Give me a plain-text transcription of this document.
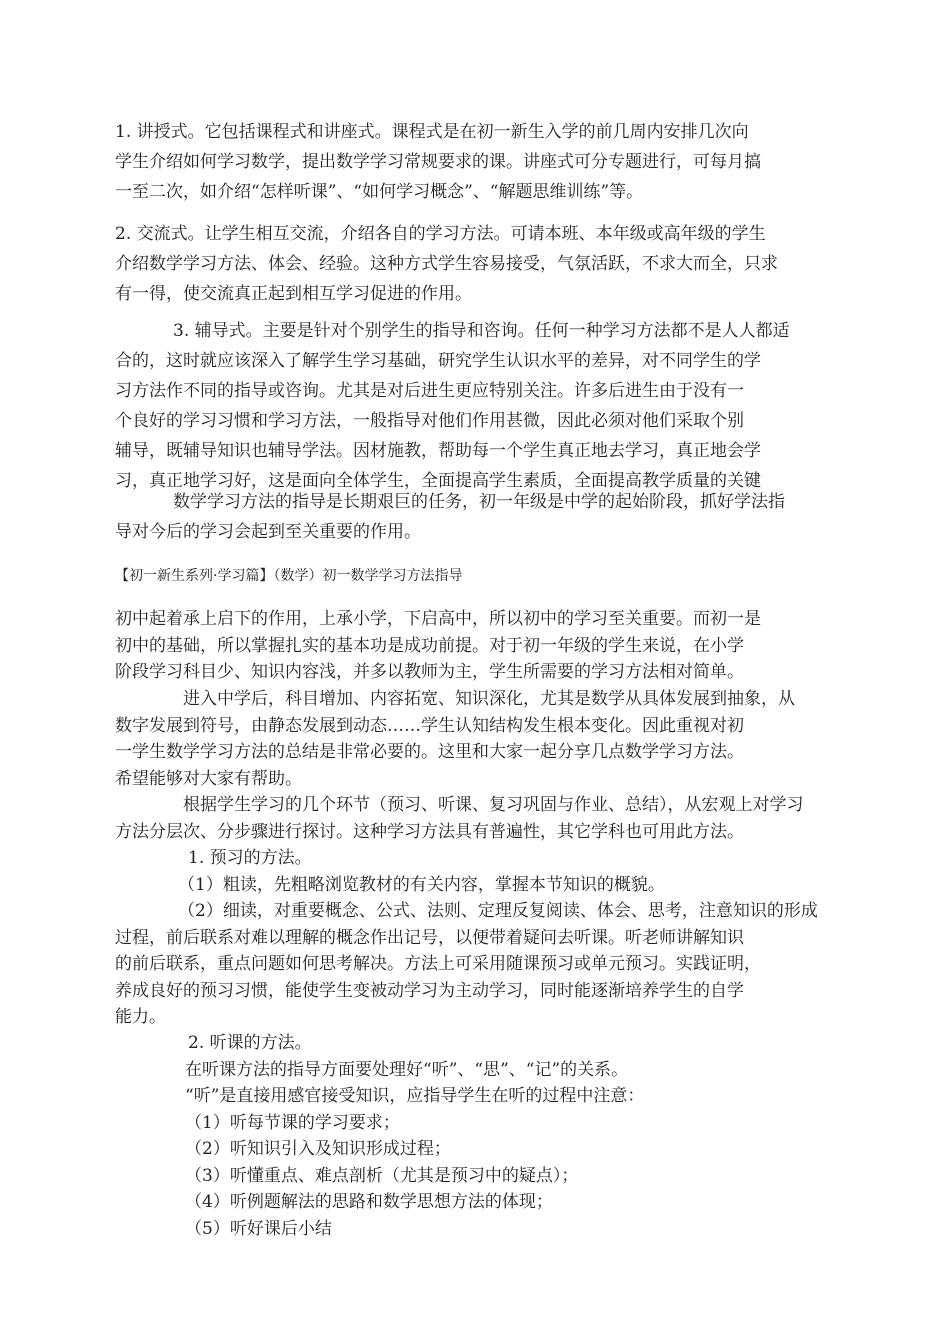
1. 讲授式。它包括课程式和讲座式。课程式是在初一新生入学的前几周内安排几次向
学生介绍如何学习数学，提出数学学习常规要求的课。讲座式可分专题进行，可每月搞
一至二次，如介绍“怎样听课”、“如何学习概念”、“解题思维训练”等。
2. 交流式。让学生相互交流，介绍各自的学习方法。可请本班、本年级或高年级的学生
介绍数学学习方法、体会、经验。这种方式学生容易接受，气氛活跃，不求大而全，只求
有一得，使交流真正起到相互学习促进的作用。
3. 辅导式。主要是针对个别学生的指导和咨询。任何一种学习方法都不是人人都适
合的，这时就应该深入了解学生学习基础，研究学生认识水平的差异，对不同学生的学
习方法作不同的指导或咨询。尤其是对后进生更应特别关注。许多后进生由于没有一
个良好的学习习惯和学习方法，一般指导对他们作用甚微，因此必须对他们采取个别
辅导，既辅导知识也辅导学法。因材施教，帮助每一个学生真正地去学习，真正地会学
习，真正地学习好，这是面向全体学生，全面提高学生素质，全面提高教学质量的关键
数学学习方法的指导是长期艰巨的任务，初一年级是中学的起始阶段，抓好学法指
导对今后的学习会起到至关重要的作用。
【初一新生系列·学习篇】（数学）初一数学学习方法指导
初中起着承上启下的作用，上承小学，下启高中，所以初中的学习至关重要。而初一是
初中的基础，所以掌握扎实的基本功是成功前提。对于初一年级的学生来说，在小学
阶段学习科目少、知识内容浅，并多以教师为主，学生所需要的学习方法相对简单。
进入中学后，科目增加、内容拓宽、知识深化，尤其是数学从具体发展到抽象，从
数字发展到符号，由静态发展到动态……学生认知结构发生根本变化。因此重视对初
一学生数学学习方法的总结是非常必要的。这里和大家一起分享几点数学学习方法。
希望能够对大家有帮助。
根据学生学习的几个环节（预习、听课、复习巩固与作业、总结），从宏观上对学习
方法分层次、分步骤进行探讨。这种学习方法具有普遍性，其它学科也可用此方法。
1. 预习的方法。
（1）粗读，先粗略浏览教材的有关内容，掌握本节知识的概貌。
（2）细读，对重要概念、公式、法则、定理反复阅读、体会、思考，注意知识的形成
过程，前后联系对难以理解的概念作出记号，以便带着疑问去听课。听老师讲解知识
的前后联系，重点问题如何思考解决。方法上可采用随课预习或单元预习。实践证明，
养成良好的预习习惯，能使学生变被动学习为主动学习，同时能逐渐培养学生的自学
能力。
2. 听课的方法。
在听课方法的指导方面要处理好“听”、“思”、“记”的关系。
“听”是直接用感官接受知识，应指导学生在听的过程中注意：
（1）听每节课的学习要求；
（2）听知识引入及知识形成过程；
（3）听懂重点、难点剖析（尤其是预习中的疑点）；
（4）听例题解法的思路和数学思想方法的体现；
（5）听好课后小结
